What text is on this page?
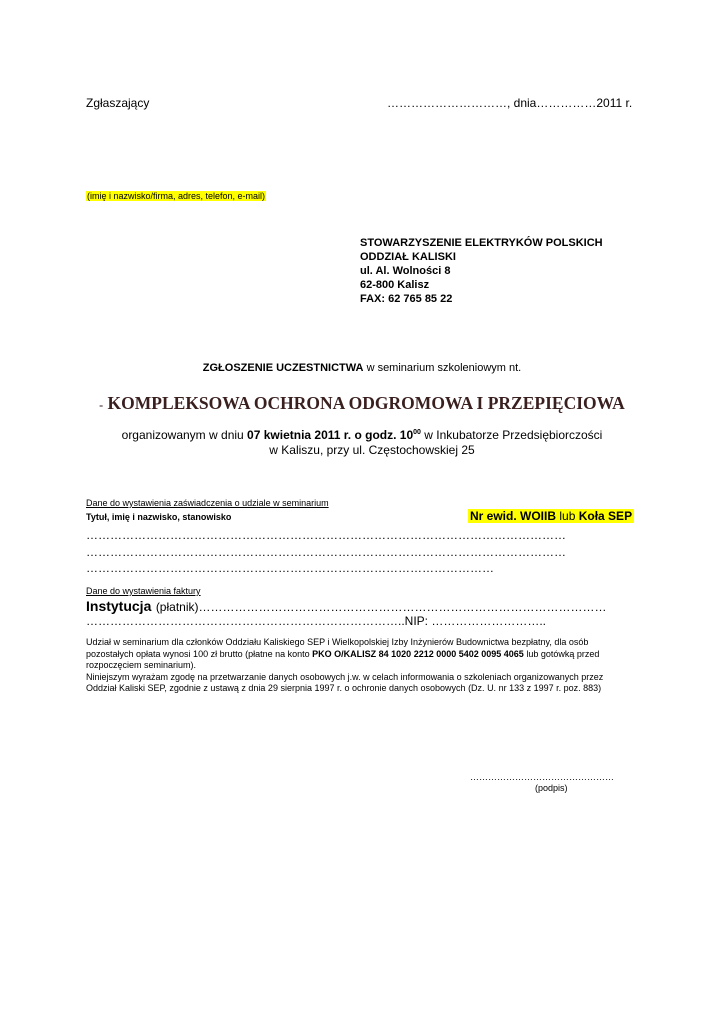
Zgłaszający	…………………………, dnia……………2011 r.
(imię i nazwisko/firma, adres, telefon, e-mail)
STOWARZYSZENIE ELEKTRYKÓW POLSKICH
ODDZIAŁ KALISKI
ul. Al. Wolności 8
62-800 Kalisz
FAX: 62 765 85 22
ZGŁOSZENIE UCZESTNICTWA w seminarium szkoleniowym nt.
- KOMPLEKSOWA OCHRONA ODGROMOWA I PRZEPIĘCIOWA
organizowanym w dniu 07 kwietnia 2011 r. o godz. $10^{00}$ w Inkubatorze Przedsiębiorczości
w Kaliszu, przy ul. Częstochowskiej 25
Dane do wystawienia zaświadczenia o udziale w seminarium
Tytuł, imię i nazwisko, stanowisko	Nr ewid. WOIIB lub Koła SEP
…………………………………………………………………………………………………………
…………………………………………………………………………………………………………
…………………………………………………………………………………………
Dane do wystawienia faktury
Instytucja (płatnik)…………………………………………………………………………………………
……………………………………………………………………..NIP: ………………………..
Udział w seminarium dla członków Oddziału Kaliskiego SEP i Wielkopolskiej Izby Inżynierów Budownictwa bezpłatny, dla osób
pozostałych opłata wynosi 100 zł brutto (płatne na konto PKO O/KALISZ 84 1020 2212 0000 5402 0095 4065 lub gotówką przed
rozpoczęciem seminarium).
Niniejszym wyrażam zgodę na przetwarzanie danych osobowych j.w. w celach informowania o szkoleniach organizowanych przez
Oddział Kaliski SEP, zgodnie z ustawą z dnia 29 sierpnia 1997 r. o ochronie danych osobowych (Dz. U. nr 133 z 1997 r. poz. 883)
…………………………………………
(podpis)
